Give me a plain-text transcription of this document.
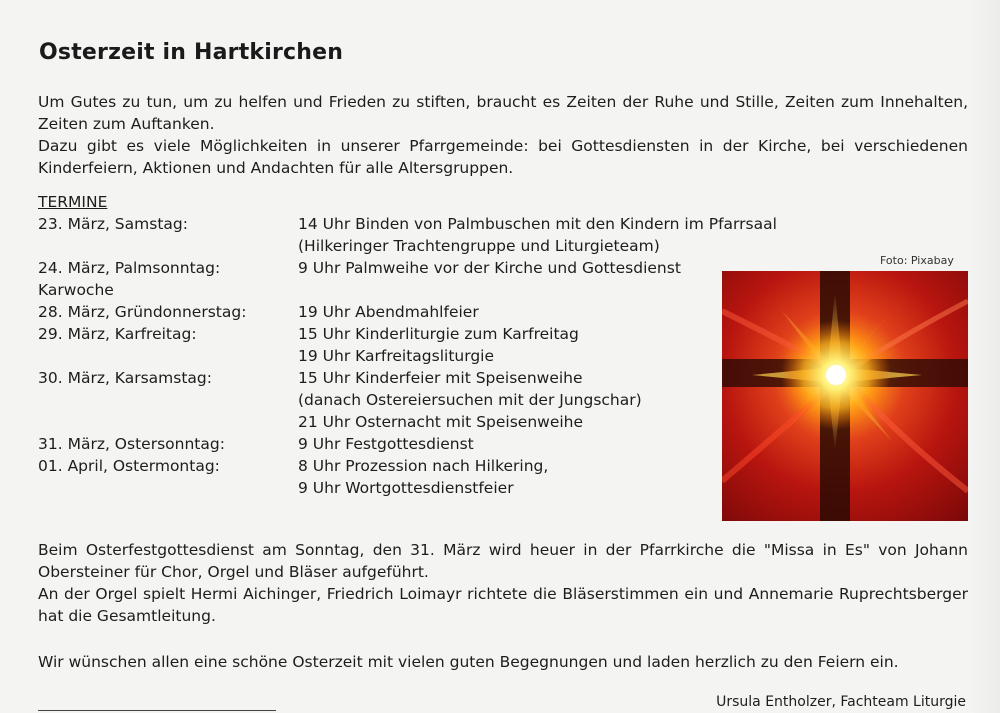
Osterzeit in Hartkirchen

Um Gutes zu tun, um zu helfen und Frieden zu stiften, braucht es Zeiten der Ruhe und Stille, Zeiten zum Innehalten, Zeiten zum Auftanken.

Dazu gibt es viele Möglichkeiten in unserer Pfarrgemeinde: bei Gottesdiensten in der Kirche, bei verschiedenen Kinderfeiern, Aktionen und Andachten für alle Altersgruppen.

TERMINE
23. März, Samstag:	14 Uhr Binden von Palmbuschen mit den Kindern im Pfarrsaal
(Hilkeringer Trachtengruppe und Liturgieteam)
24. März, Palmsonntag:	9 Uhr Palmweihe vor der Kirche und Gottesdienst
Karwoche
28. März, Gründonnerstag:	19 Uhr Abendmahlfeier
29. März, Karfreitag:	15 Uhr Kinderliturgie zum Karfreitag
19 Uhr Karfreitagsliturgie
30. März, Karsamstag:	15 Uhr Kinderfeier mit Speisenweihe
(danach Ostereiersuchen mit der Jungschar)
21 Uhr Osternacht mit Speisenweihe
31. März, Ostersonntag:	9 Uhr Festgottesdienst
01. April, Ostermontag:	8 Uhr Prozession nach Hilkering,
9 Uhr Wortgottesdienstfeier
Foto: Pixabay

Beim Osterfestgottesdienst am Sonntag, den 31. März wird heuer in der Pfarrkirche die "Missa in Es" von Johann Obersteiner für Chor, Orgel und Bläser aufgeführt.

An der Orgel spielt Hermi Aichinger, Friedrich Loimayr richtete die Bläserstimmen ein und Annemarie Ruprechtsberger hat die Gesamtleitung.

Wir wünschen allen eine schöne Osterzeit mit vielen guten Begegnungen und laden herzlich zu den Feiern ein.

Ursula Entholzer, Fachteam Liturgie
